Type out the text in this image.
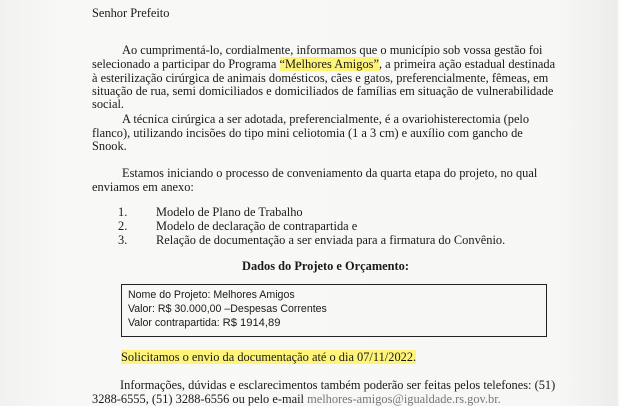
Senhor Prefeito
Ao cumprimentá-lo, cordialmente, informamos que o município sob vossa gestão foi
selecionado a participar do Programa “Melhores Amigos”, a primeira ação estadual destinada
à esterilização cirúrgica de animais domésticos, cães e gatos, preferencialmente, fêmeas, em
situação de rua, semi domiciliados e domiciliados de famílias em situação de vulnerabilidade
social.
A técnica cirúrgica a ser adotada, preferencialmente, é a ovariohisterectomia (pelo
flanco), utilizando incisões do tipo mini celiotomia (1 a 3 cm) e auxílio com gancho de
Snook.
Estamos iniciando o processo de conveniamento da quarta etapa do projeto, no qual
enviamos em anexo:
1. Modelo de Plano de Trabalho
2. Modelo de declaração de contrapartida e
3. Relação de documentação a ser enviada para a firmatura do Convênio.
Dados do Projeto e Orçamento:
Nome do Projeto: Melhores Amigos
Valor: R$ 30.000,00 –Despesas Correntes
Valor contrapartida: R$ 1914,89
Solicitamos o envio da documentação até o dia 07/11/2022.
Informações, dúvidas e esclarecimentos também poderão ser feitas pelos telefones: (51)
3288-6555, (51) 3288-6556 ou pelo e-mail melhores-amigos@igualdade.rs.gov.br.
